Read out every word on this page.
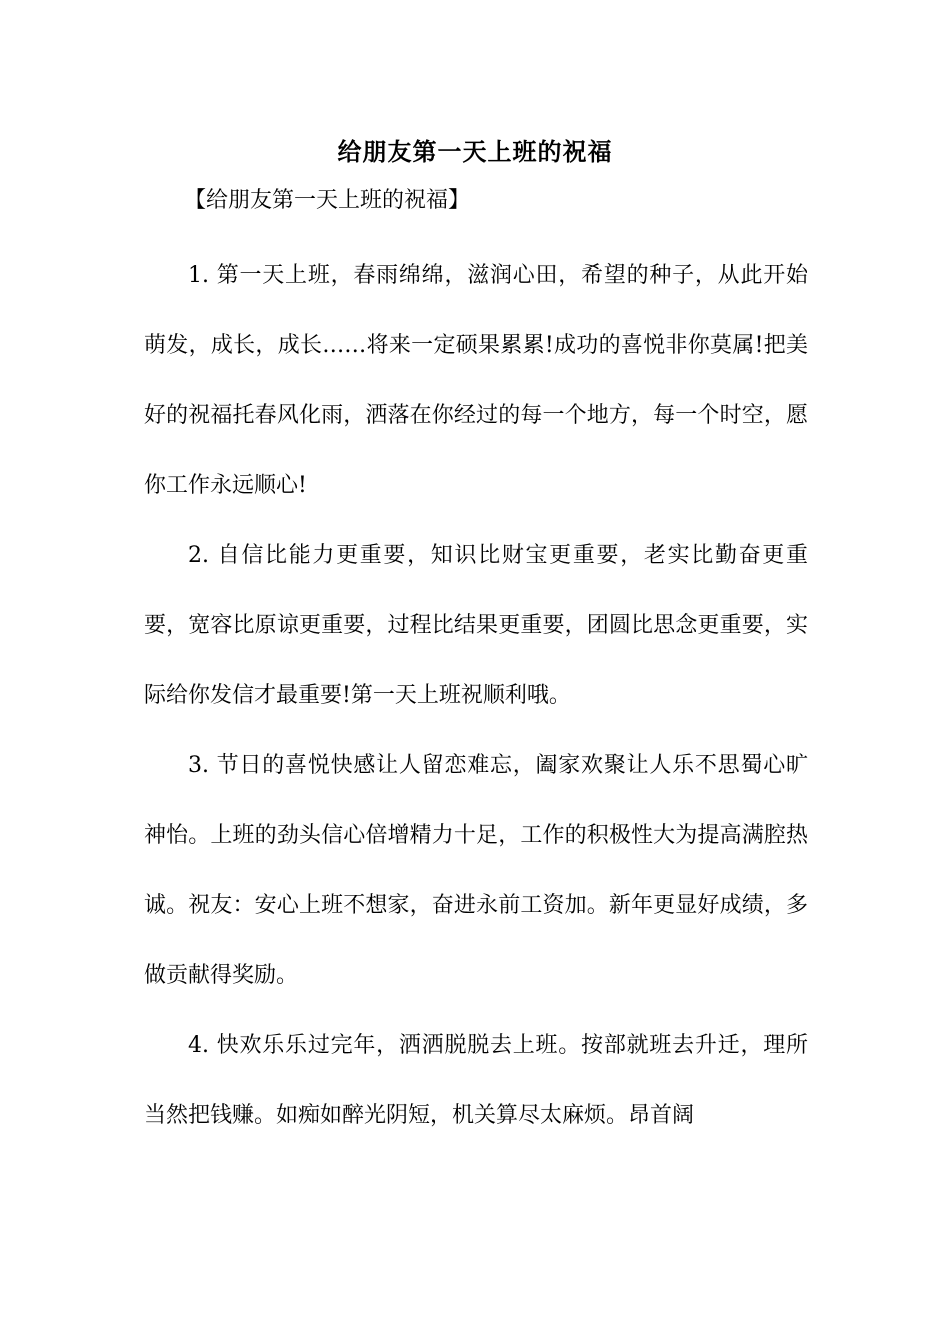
给朋友第一天上班的祝福
【给朋友第一天上班的祝福】

1. 第一天上班，春雨绵绵，滋润心田，希望的种子，从此开始萌发，成长，成长……将来一定硕果累累!成功的喜悦非你莫属!把美好的祝福托春风化雨，洒落在你经过的每一个地方，每一个时空，愿你工作永远顺心!

2. 自信比能力更重要，知识比财宝更重要，老实比勤奋更重要，宽容比原谅更重要，过程比结果更重要，团圆比思念更重要，实际给你发信才最重要!第一天上班祝顺利哦。

3. 节日的喜悦快感让人留恋难忘，阖家欢聚让人乐不思蜀心旷神怡。上班的劲头信心倍增精力十足，工作的积极性大为提高满腔热诚。祝友：安心上班不想家，奋进永前工资加。新年更显好成绩，多做贡献得奖励。

4. 快欢乐乐过完年，洒洒脱脱去上班。按部就班去升迁，理所当然把钱赚。如痴如醉光阴短，机关算尽太麻烦。昂首阔
